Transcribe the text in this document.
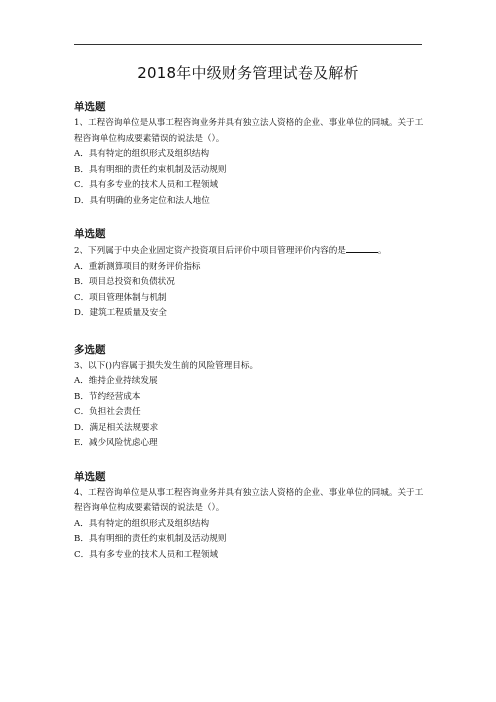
2018年中级财务管理试卷及解析
单选题
1、工程咨询单位是从事工程咨询业务并具有独立法人资格的企业、事业单位的同城。关于工程咨询单位构成要素错误的说法是（）。
A．具有特定的组织形式及组织结构
B．具有明细的责任约束机制及活动规则
C．具有多专业的技术人员和工程领域
D．具有明确的业务定位和法人地位
单选题
2、下列属于中央企业固定资产投资项目后评价中项目管理评价内容的是	。
A．重新测算项目的财务评价指标
B．项目总投资和负债状况
C．项目管理体制与机制
D．建筑工程质量及安全
多选题
3、以下()内容属于损失发生前的风险管理目标。
A．维持企业持续发展
B．节约经营成本
C．负担社会责任
D．满足相关法规要求
E．减少风险忧虑心理
单选题
4、工程咨询单位是从事工程咨询业务并具有独立法人资格的企业、事业单位的同城。关于工程咨询单位构成要素错误的说法是（）。
A．具有特定的组织形式及组织结构
B．具有明细的责任约束机制及活动规则
C．具有多专业的技术人员和工程领域
